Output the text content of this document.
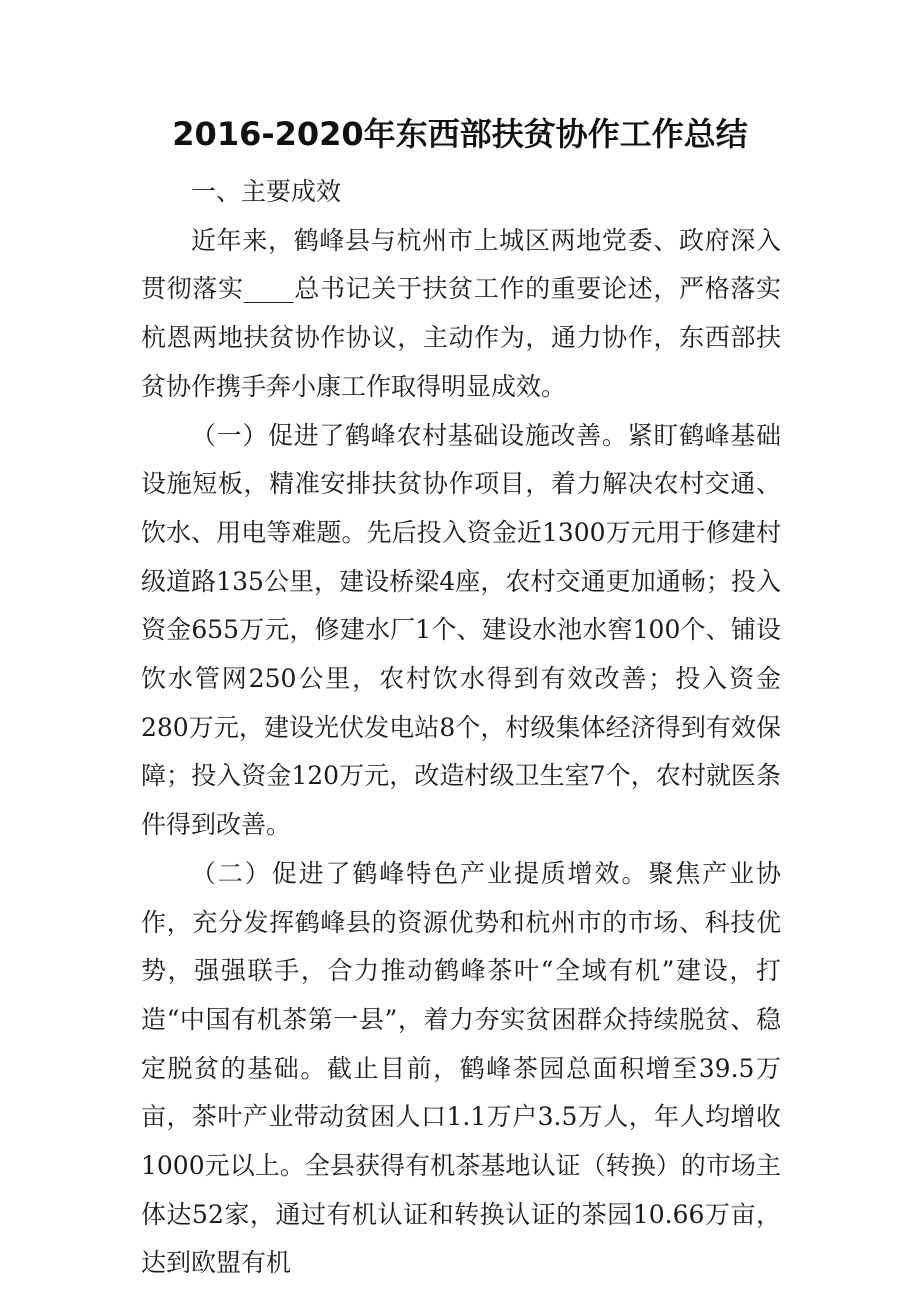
2016-2020年东西部扶贫协作工作总结

一、主要成效

近年来，鹤峰县与杭州市上城区两地党委、政府深入贯彻落实____总书记关于扶贫工作的重要论述，严格落实杭恩两地扶贫协作协议，主动作为，通力协作，东西部扶贫协作携手奔小康工作取得明显成效。

（一）促进了鹤峰农村基础设施改善。紧盯鹤峰基础设施短板，精准安排扶贫协作项目，着力解决农村交通、饮水、用电等难题。先后投入资金近1300万元用于修建村级道路135公里，建设桥梁4座，农村交通更加通畅；投入资金655万元，修建水厂1个、建设水池水窖100个、铺设饮水管网250公里，农村饮水得到有效改善；投入资金280万元，建设光伏发电站8个，村级集体经济得到有效保障；投入资金120万元，改造村级卫生室7个，农村就医条件得到改善。

（二）促进了鹤峰特色产业提质增效。聚焦产业协作，充分发挥鹤峰县的资源优势和杭州市的市场、科技优势，强强联手，合力推动鹤峰茶叶“全域有机”建设，打造“中国有机茶第一县”，着力夯实贫困群众持续脱贫、稳定脱贫的基础。截止目前，鹤峰茶园总面积增至39.5万亩，茶叶产业带动贫困人口1.1万户3.5万人，年人均增收1000元以上。全县获得有机茶基地认证（转换）的市场主体达52家，通过有机认证和转换认证的茶园10.66万亩，达到欧盟有机
